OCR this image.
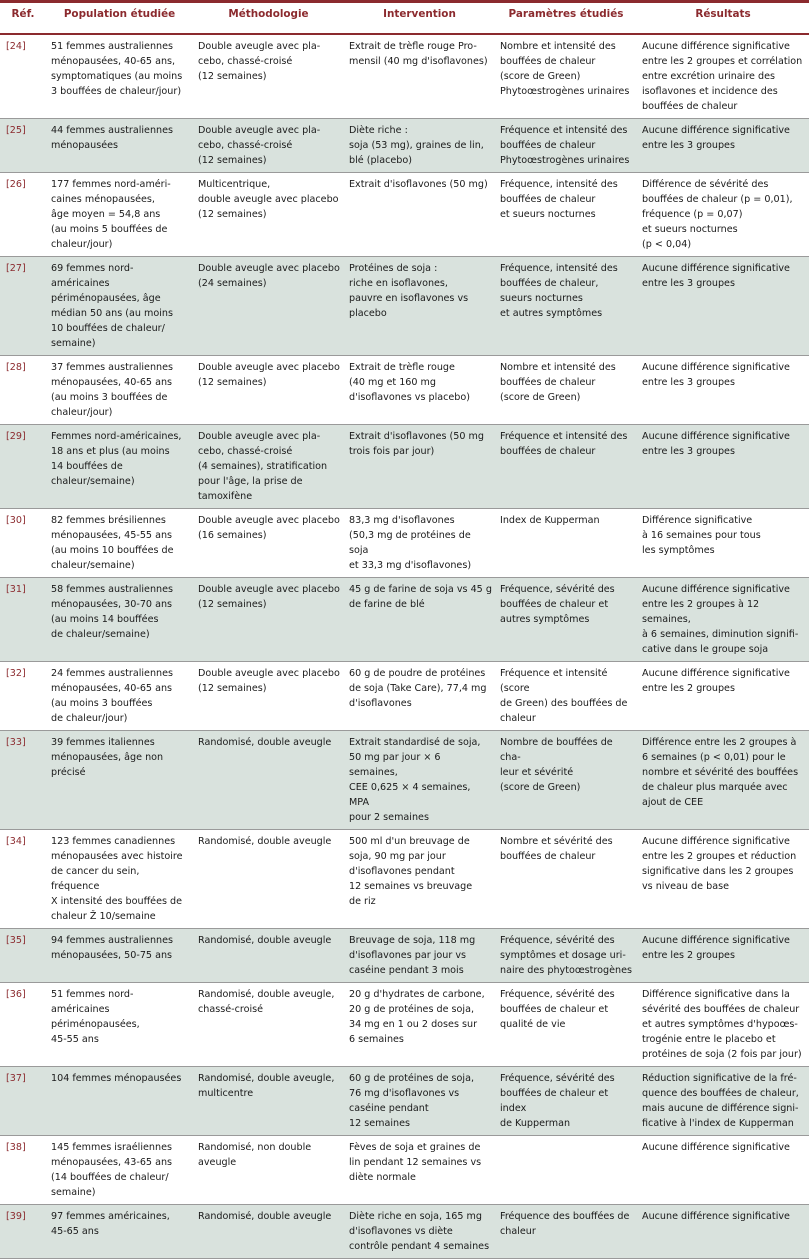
Réf.	Population étudiée	Méthodologie	Intervention	Paramètres étudiés	Résultats
[24]	51 femmes australiennes
ménopausées, 40-65 ans,
symptomatiques (au moins
3 bouffées de chaleur/jour)	Double aveugle avec pla-
cebo, chassé-croisé
(12 semaines)	Extrait de trèfle rouge Pro-
mensil (40 mg d'isoflavones)	Nombre et intensité des
bouffées de chaleur
(score de Green)
Phytoœstrogènes urinaires	Aucune différence significative
entre les 2 groupes et corrélation
entre excrétion urinaire des
isoflavones et incidence des
bouffées de chaleur
[25]	44 femmes australiennes
ménopausées	Double aveugle avec pla-
cebo, chassé-croisé
(12 semaines)	Diète riche :
soja (53 mg), graines de lin,
blé (placebo)	Fréquence et intensité des
bouffées de chaleur
Phytoœstrogènes urinaires	Aucune différence significative
entre les 3 groupes
[26]	177 femmes nord-améri-
caines ménopausées,
âge moyen = 54,8 ans
(au moins 5 bouffées de
chaleur/jour)	Multicentrique,
double aveugle avec placebo
(12 semaines)	Extrait d'isoflavones (50 mg)	Fréquence, intensité des
bouffées de chaleur
et sueurs nocturnes	Différence de sévérité des
bouffées de chaleur (p = 0,01),
fréquence (p = 0,07)
et sueurs nocturnes
(p < 0,04)
[27]	69 femmes nord-américaines
périménopausées, âge
médian 50 ans (au moins
10 bouffées de chaleur/
semaine)	Double aveugle avec placebo
(24 semaines)	Protéines de soja :
riche en isoflavones,
pauvre en isoflavones vs
placebo	Fréquence, intensité des
bouffées de chaleur,
sueurs nocturnes
et autres symptômes	Aucune différence significative
entre les 3 groupes
[28]	37 femmes australiennes
ménopausées, 40-65 ans
(au moins 3 bouffées de
chaleur/jour)	Double aveugle avec placebo
(12 semaines)	Extrait de trèfle rouge
(40 mg et 160 mg
d'isoflavones vs placebo)	Nombre et intensité des
bouffées de chaleur
(score de Green)	Aucune différence significative
entre les 3 groupes
[29]	Femmes nord-américaines,
18 ans et plus (au moins
14 bouffées de
chaleur/semaine)	Double aveugle avec pla-
cebo, chassé-croisé
(4 semaines), stratification
pour l'âge, la prise de
tamoxifène	Extrait d'isoflavones (50 mg
trois fois par jour)	Fréquence et intensité des
bouffées de chaleur	Aucune différence significative
entre les 3 groupes
[30]	82 femmes brésiliennes
ménopausées, 45-55 ans
(au moins 10 bouffées de
chaleur/semaine)	Double aveugle avec placebo
(16 semaines)	83,3 mg d'isoflavones
(50,3 mg de protéines de soja
et 33,3 mg d'isoflavones)	Index de Kupperman	Différence significative
à 16 semaines pour tous
les symptômes
[31]	58 femmes australiennes
ménopausées, 30-70 ans
(au moins 14 bouffées
de chaleur/semaine)	Double aveugle avec placebo
(12 semaines)	45 g de farine de soja vs 45 g
de farine de blé	Fréquence, sévérité des
bouffées de chaleur et
autres symptômes	Aucune différence significative
entre les 2 groupes à 12 semaines,
à 6 semaines, diminution signifi-
cative dans le groupe soja
[32]	24 femmes australiennes
ménopausées, 40-65 ans
(au moins 3 bouffées
de chaleur/jour)	Double aveugle avec placebo
(12 semaines)	60 g de poudre de protéines
de soja (Take Care), 77,4 mg
d'isoflavones	Fréquence et intensité (score
de Green) des bouffées de
chaleur	Aucune différence significative
entre les 2 groupes
[33]	39 femmes italiennes
ménopausées, âge non
précisé	Randomisé, double aveugle	Extrait standardisé de soja,
50 mg par jour × 6 semaines,
CEE 0,625 × 4 semaines, MPA
pour 2 semaines	Nombre de bouffées de cha-
leur et sévérité
(score de Green)	Différence entre les 2 groupes à
6 semaines (p < 0,01) pour le
nombre et sévérité des bouffées
de chaleur plus marquée avec
ajout de CEE
[34]	123 femmes canadiennes
ménopausées avec histoire
de cancer du sein, fréquence
X intensité des bouffées de
chaleur Ž 10/semaine	Randomisé, double aveugle	500 ml d'un breuvage de
soja, 90 mg par jour
d'isoflavones pendant
12 semaines vs breuvage
de riz	Nombre et sévérité des
bouffées de chaleur	Aucune différence significative
entre les 2 groupes et réduction
significative dans les 2 groupes
vs niveau de base
[35]	94 femmes australiennes
ménopausées, 50-75 ans	Randomisé, double aveugle	Breuvage de soja, 118 mg
d'isoflavones par jour vs
caséine pendant 3 mois	Fréquence, sévérité des
symptômes et dosage uri-
naire des phytoœstrogènes	Aucune différence significative
entre les 2 groupes
[36]	51 femmes nord-américaines
périménopausées,
45-55 ans	Randomisé, double aveugle,
chassé-croisé	20 g d'hydrates de carbone,
20 g de protéines de soja,
34 mg en 1 ou 2 doses sur
6 semaines	Fréquence, sévérité des
bouffées de chaleur et
qualité de vie	Différence significative dans la
sévérité des bouffées de chaleur
et autres symptômes d'hypoœs-
trogénie entre le placebo et
protéines de soja (2 fois par jour)
[37]	104 femmes ménopausées	Randomisé, double aveugle,
multicentre	60 g de protéines de soja,
76 mg d'isoflavones vs
caséine pendant
12 semaines	Fréquence, sévérité des
bouffées de chaleur et index
de Kupperman	Réduction significative de la fré-
quence des bouffées de chaleur,
mais aucune de différence signi-
ficative à l'index de Kupperman
[38]	145 femmes israéliennes
ménopausées, 43-65 ans
(14 bouffées de chaleur/
semaine)	Randomisé, non double
aveugle	Fèves de soja et graines de
lin pendant 12 semaines vs
diète normale		Aucune différence significative
[39]	97 femmes américaines,
45-65 ans	Randomisé, double aveugle	Diète riche en soja, 165 mg
d'isoflavones vs diète
contrôle pendant 4 semaines	Fréquence des bouffées de
chaleur	Aucune différence significative
